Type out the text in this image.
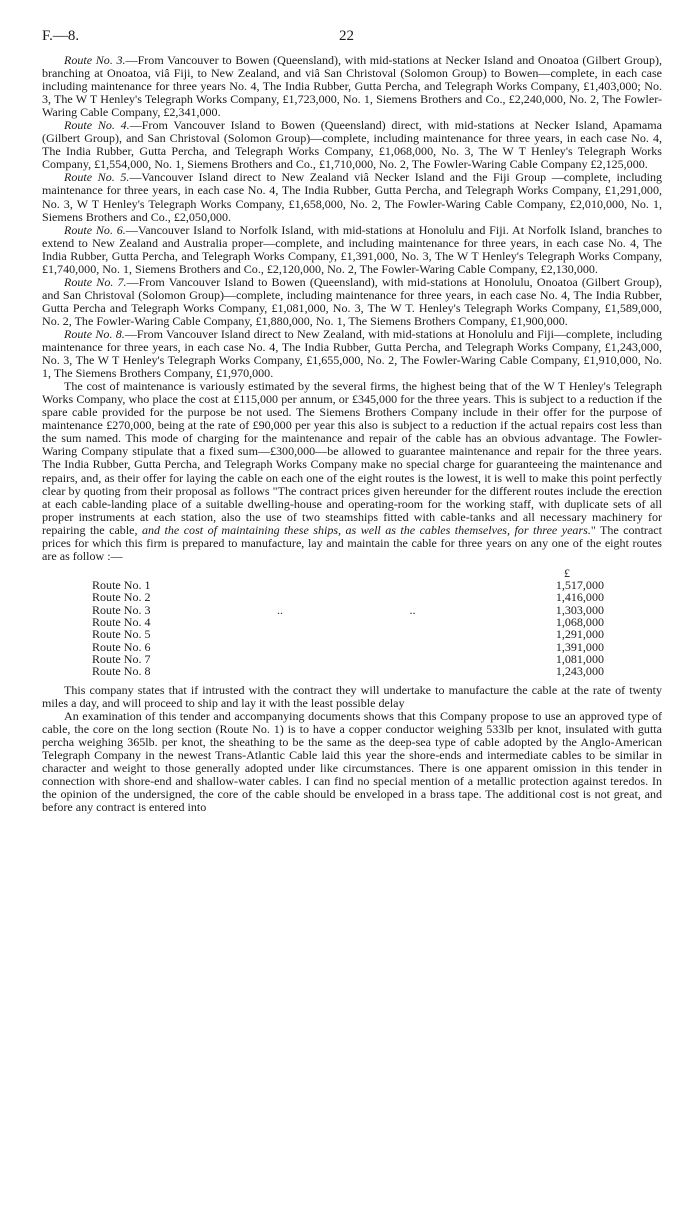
F.—8.	22

Route No. 3.—From Vancouver to Bowen (Queensland), with mid-stations at Necker Island and Onoatoa (Gilbert Group), branching at Onoatoa, viâ Fiji, to New Zealand, and viâ San Christoval (Solomon Group) to Bowen—complete, in each case including maintenance for three years No. 4, The India Rubber, Gutta Percha, and Telegraph Works Company, £1,403,000; No. 3, The W T Henley's Telegraph Works Company, £1,723,000, No. 1, Siemens Brothers and Co., £2,240,000, No. 2, The Fowler-Waring Cable Company, £2,341,000.

Route No. 4.—From Vancouver Island to Bowen (Queensland) direct, with mid-stations at Necker Island, Apamama (Gilbert Group), and San Christoval (Solomon Group)—complete, including maintenance for three years, in each case No. 4, The India Rubber, Gutta Percha, and Telegraph Works Company, £1,068,000, No. 3, The W T Henley's Telegraph Works Company, £1,554,000, No. 1, Siemens Brothers and Co., £1,710,000, No. 2, The Fowler-Waring Cable Company £2,125,000.

Route No. 5.—Vancouver Island direct to New Zealand viâ Necker Island and the Fiji Group —complete, including maintenance for three years, in each case No. 4, The India Rubber, Gutta Percha, and Telegraph Works Company, £1,291,000, No. 3, W T Henley's Telegraph Works Company, £1,658,000, No. 2, The Fowler-Waring Cable Company, £2,010,000, No. 1, Siemens Brothers and Co., £2,050,000.

Route No. 6.—Vancouver Island to Norfolk Island, with mid-stations at Honolulu and Fiji. At Norfolk Island, branches to extend to New Zealand and Australia proper—complete, and including maintenance for three years, in each case No. 4, The India Rubber, Gutta Percha, and Telegraph Works Company, £1,391,000, No. 3, The W T Henley's Telegraph Works Company, £1,740,000, No. 1, Siemens Brothers and Co., £2,120,000, No. 2, The Fowler-Waring Cable Company, £2,130,000.

Route No. 7.—From Vancouver Island to Bowen (Queensland), with mid-stations at Honolulu, Onoatoa (Gilbert Group), and San Christoval (Solomon Group)—complete, including maintenance for three years, in each case No. 4, The India Rubber, Gutta Percha and Telegraph Works Company, £1,081,000, No. 3, The W T. Henley's Telegraph Works Company, £1,589,000, No. 2, The Fowler-Waring Cable Company, £1,880,000, No. 1, The Siemens Brothers Company, £1,900,000.

Route No. 8.—From Vancouver Island direct to New Zealand, with mid-stations at Honolulu and Fiji—complete, including maintenance for three years, in each case No. 4, The India Rubber, Gutta Percha, and Telegraph Works Company, £1,243,000, No. 3, The W T Henley's Telegraph Works Company, £1,655,000, No. 2, The Fowler-Waring Cable Company, £1,910,000, No. 1, The Siemens Brothers Company, £1,970,000.

The cost of maintenance is variously estimated by the several firms, the highest being that of the W T Henley's Telegraph Works Company, who place the cost at £115,000 per annum, or £345,000 for the three years. This is subject to a reduction if the spare cable provided for the purpose be not used. The Siemens Brothers Company include in their offer for the purpose of maintenance £270,000, being at the rate of £90,000 per year this also is subject to a reduction if the actual repairs cost less than the sum named. This mode of charging for the maintenance and repair of the cable has an obvious advantage. The Fowler-Waring Company stipulate that a fixed sum—£300,000—be allowed to guarantee maintenance and repair for the three years. The India Rubber, Gutta Percha, and Telegraph Works Company make no special charge for guaranteeing the maintenance and repairs, and, as their offer for laying the cable on each one of the eight routes is the lowest, it is well to make this point perfectly clear by quoting from their proposal as follows "The contract prices given hereunder for the different routes include the erection at each cable-landing place of a suitable dwelling-house and operating-room for the working staff, with duplicate sets of all proper instruments at each station, also the use of two steamships fitted with cable-tanks and all necessary machinery for repairing the cable, and the cost of maintaining these ships, as well as the cables themselves, for three years." The contract prices for which this firm is prepared to manufacture, lay and maintain the cable for three years on any one of the eight routes are as follow :—

£
Route No. 1	1,517,000
Route No. 2	1,416,000
Route No. 3	..	..	1,303,000
Route No. 4	1,068,000
Route No. 5	1,291,000
Route No. 6	1,391,000
Route No. 7	1,081,000
Route No. 8	1,243,000

This company states that if intrusted with the contract they will undertake to manufacture the cable at the rate of twenty miles a day, and will proceed to ship and lay it with the least possible delay

An examination of this tender and accompanying documents shows that this Company propose to use an approved type of cable, the core on the long section (Route No. 1) is to have a copper conductor weighing 533lb per knot, insulated with gutta percha weighing 365lb. per knot, the sheathing to be the same as the deep-sea type of cable adopted by the Anglo-American Telegraph Company in the newest Trans-Atlantic Cable laid this year the shore-ends and intermediate cables to be similar in character and weight to those generally adopted under like circumstances. There is one apparent omission in this tender in connection with shore-end and shallow-water cables. I can find no special mention of a metallic protection against teredos. In the opinion of the undersigned, the core of the cable should be enveloped in a brass tape. The additional cost is not great, and before any contract is entered into
